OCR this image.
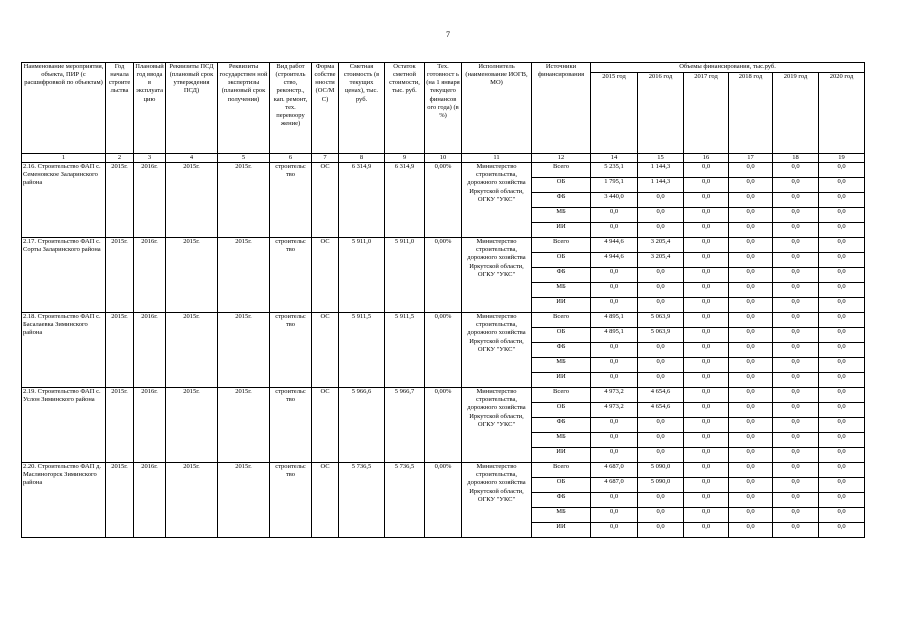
7
Наименование мероприятия, объекта, ПИР (с расшифровкой по объектам)	Год начала строите льства	Плановый год ввода в эксплуата цию	Реквизиты ПСД (плановый срок утверждения ПСД)	Реквизиты государствен ной экспертизы (плановый срок получения)	Вид работ (строитель ство, реконстр., кап. ремонт, тех. перевоору жение)	Форма собстве нности (ОС/М С)	Сметная стоимость (в текущих ценах), тыс. руб.	Остаток сметной стоимости, тыс. руб.	Тех. готовност ь (на 1 января текущего финансов ого года) (в %)	Исполнитель (наименование ИОГВ, МО)	Источники финансирования	Объемы финансирования, тыс.руб.					
												2015 год	2016 год	2017 год	2018 год	2019 год	2020 год
1	2	3	4	5	6	7	8	9	10	11	12	14	15	16	17	18	19
2.16. Строительство ФАП с. Семеновское Заларинского района	2015г.	2016г.	2015г.	2015г.	строительс тво	ОС	6 314,9	6 314,9	0,00%	Министерство строительства, дорожного хозяйства Иркутской области, ОГКУ "УКС"	Всего	5 235,1	1 144,3	0,0	0,0	0,0	0,0
											ОБ	1 795,1	1 144,3	0,0	0,0	0,0	0,0
											ФБ	3 440,0	0,0	0,0	0,0	0,0	0,0
											МБ	0,0	0,0	0,0	0,0	0,0	0,0
											ИИ	0,0	0,0	0,0	0,0	0,0	0,0
2.17. Строительство ФАП с. Сорты Заларинского района	2015г.	2016г.	2015г.	2015г.	строительс тво	ОС	5 911,0	5 911,0	0,00%	Министерство строительства, дорожного хозяйства Иркутской области, ОГКУ "УКС"	Всего	4 944,6	3 205,4	0,0	0,0	0,0	0,0
											ОБ	4 944,6	3 205,4	0,0	0,0	0,0	0,0
											ФБ	0,0	0,0	0,0	0,0	0,0	0,0
											МБ	0,0	0,0	0,0	0,0	0,0	0,0
											ИИ	0,0	0,0	0,0	0,0	0,0	0,0
2.18. Строительство ФАП с. Басалаевка Зиминского района	2015г.	2016г.	2015г.	2015г.	строительс тво	ОС	5 911,5	5 911,5	0,00%	Министерство строительства, дорожного хозяйства Иркутской области, ОГКУ "УКС"	Всего	4 895,1	5 063,9	0,0	0,0	0,0	0,0
											ОБ	4 895,1	5 063,9	0,0	0,0	0,0	0,0
											ФБ	0,0	0,0	0,0	0,0	0,0	0,0
											МБ	0,0	0,0	0,0	0,0	0,0	0,0
											ИИ	0,0	0,0	0,0	0,0	0,0	0,0
2.19. Строительство ФАП с. Услон Зиминского района	2015г.	2016г.	2015г.	2015г.	строительс тво	ОС	5 966,6	5 966,7	0,00%	Министерство строительства, дорожного хозяйства Иркутской области, ОГКУ "УКС"	Всего	4 973,2	4 654,6	0,0	0,0	0,0	0,0
											ОБ	4 973,2	4 654,6	0,0	0,0	0,0	0,0
											ФБ	0,0	0,0	0,0	0,0	0,0	0,0
											МБ	0,0	0,0	0,0	0,0	0,0	0,0
											ИИ	0,0	0,0	0,0	0,0	0,0	0,0
2.20. Строительство ФАП д. Масляногорск Зиминского района	2015г.	2016г.	2015г.	2015г.	строительс тво	ОС	5 736,5	5 736,5	0,00%	Министерство строительства, дорожного хозяйства Иркутской области, ОГКУ "УКС"	Всего	4 687,0	5 090,0	0,0	0,0	0,0	0,0
											ОБ	4 687,0	5 090,0	0,0	0,0	0,0	0,0
											ФБ	0,0	0,0	0,0	0,0	0,0	0,0
											МБ	0,0	0,0	0,0	0,0	0,0	0,0
											ИИ	0,0	0,0	0,0	0,0	0,0	0,0
